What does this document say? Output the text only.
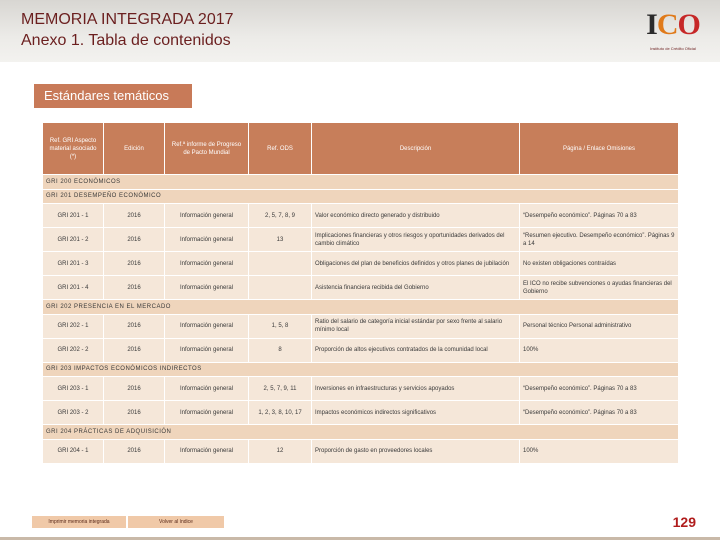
MEMORIA INTEGRADA 2017
Anexo 1. Tabla de contenidos	ICO
Instituto de Crédito Oficial
Estándares temáticos
Ref. GRI Aspecto material asociado (*)	Edición	Ref.ª informe de Progreso de Pacto Mundial	Ref. ODS	Descripción	Página / Enlace Omisiones
GRI 200 ECONÓMICOS					
GRI 201 DESEMPEÑO ECONÓMICO					
GRI 201 - 1	2016	Información general	2, 5, 7, 8, 9	Valor económico directo generado y distribuido	“Desempeño económico”. Páginas 70 a 83
GRI 201 - 2	2016	Información general	13	Implicaciones financieras y otros riesgos y oportunidades derivados del cambio climático	“Resumen ejecutivo. Desempeño económico”. Páginas 9 a 14
GRI 201 - 3	2016	Información general		Obligaciones del plan de beneficios definidos y otros planes de jubilación	No existen obligaciones contraídas
GRI 201 - 4	2016	Información general		Asistencia financiera recibida del Gobierno	El ICO no recibe subvenciones o ayudas financieras del Gobierno
GRI 202 PRESENCIA EN EL MERCADO					
GRI 202 - 1	2016	Información general	1, 5, 8	Ratio del salario de categoría inicial estándar por sexo frente al salario mínimo local	Personal técnico Personal administrativo
GRI 202 - 2	2016	Información general	8	Proporción de altos ejecutivos contratados de la comunidad local	100%
GRI 203 IMPACTOS ECONÓMICOS INDIRECTOS					
GRI 203 - 1	2016	Información general	2, 5, 7, 9, 11	Inversiones en infraestructuras y servicios apoyados	“Desempeño económico”. Páginas 70 a 83
GRI 203 - 2	2016	Información general	1, 2, 3, 8, 10, 17	Impactos económicos indirectos significativos	“Desempeño económico”. Páginas 70 a 83
GRI 204 PRÁCTICAS DE ADQUISICIÓN					
GRI 204 - 1	2016	Información general	12	Proporción de gasto en proveedores locales	100%
Imprimir memoria integrada	Volver al índice	129
